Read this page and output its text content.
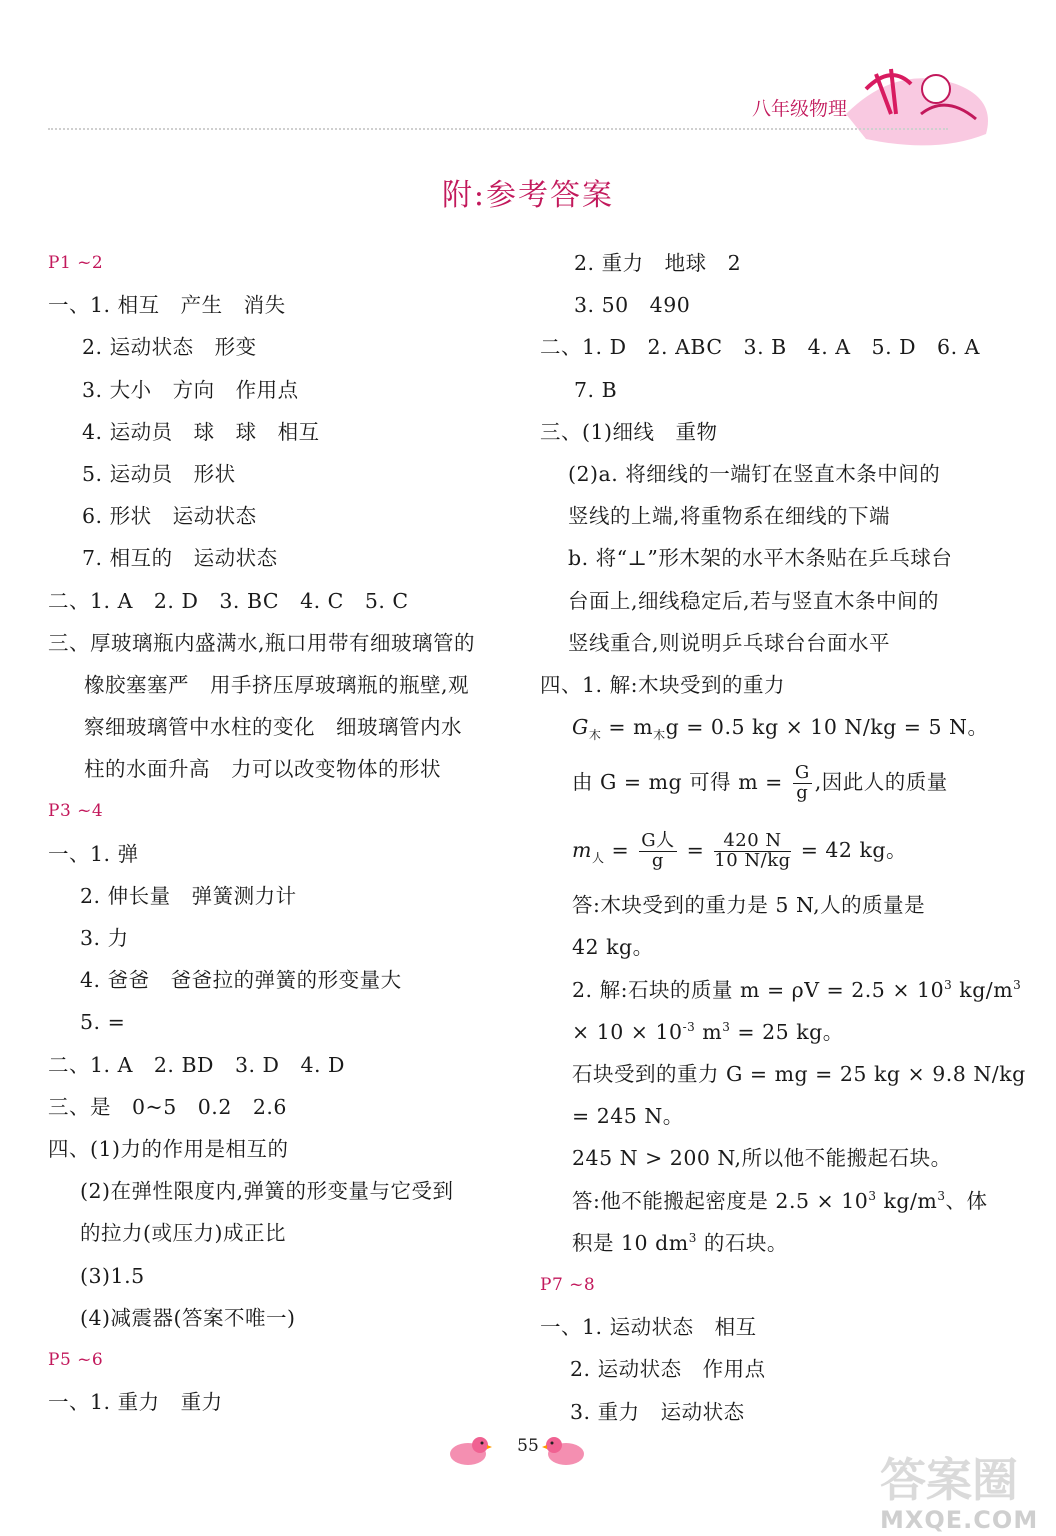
八年级物理
附:参考答案
P1 ~2
一、1. 相互　产生　消失
2. 运动状态　形变
3. 大小　方向　作用点
4. 运动员　球　球　相互
5. 运动员　形状
6. 形状　运动状态
7. 相互的　运动状态
二、1. A　2. D　3. BC　4. C　5. C
三、厚玻璃瓶内盛满水,瓶口用带有细玻璃管的
橡胶塞塞严　用手挤压厚玻璃瓶的瓶壁,观
察细玻璃管中水柱的变化　细玻璃管内水
柱的水面升高　力可以改变物体的形状
P3 ~4
一、1. 弹
2. 伸长量　弹簧测力计
3. 力
4. 爸爸　爸爸拉的弹簧的形变量大
5. =
二、1. A　2. BD　3. D　4. D
三、是　0~5　0.2　2.6
四、(1)力的作用是相互的
(2)在弹性限度内,弹簧的形变量与它受到
的拉力(或压力)成正比
(3)1.5
(4)减震器(答案不唯一)
P5 ~6
一、1. 重力　重力
2. 重力　地球　2
3. 50　490
二、1. D　2. ABC　3. B　4. A　5. D　6. A
7. B
三、(1)细线　重物
(2)a. 将细线的一端钉在竖直木条中间的
竖线的上端,将重物系在细线的下端
b. 将“⊥”形木架的水平木条贴在乒乓球台
台面上,细线稳定后,若与竖直木条中间的
竖线重合,则说明乒乓球台台面水平
四、1. 解:木块受到的重力
$G_木 = m_木g = 0.5$ kg × 10 N/kg = 5 N。
由 G = mg 可得 $m = \frac{G}{g}$ ,因此人的质量
$m_人 = \frac{\text{G人}}{g} = \frac{420 N}{10 N/kg} = 42$ kg。
答:木块受到的重力是 5 N,人的质量是
42 kg。
2. 解:石块的质量 $m = \rho V = 2.5 \times 10^3$ $kg/m^3$
× $10 \times 10^{-3}$ $m^3 = 25$ kg。
石块受到的重力 G = mg = 25 kg × 9.8 N/kg
= 245 N。
245 N > 200 N,所以他不能搬起石块。
答:他不能搬起密度是 $2.5 \times 10^3$ $kg/m^3$、体
积是 10 $dm^3$ 的石块。
P7 ~8
一、1. 运动状态　相互
2. 运动状态　作用点
3. 重力　运动状态
55
答案圈
MXQE.COM
